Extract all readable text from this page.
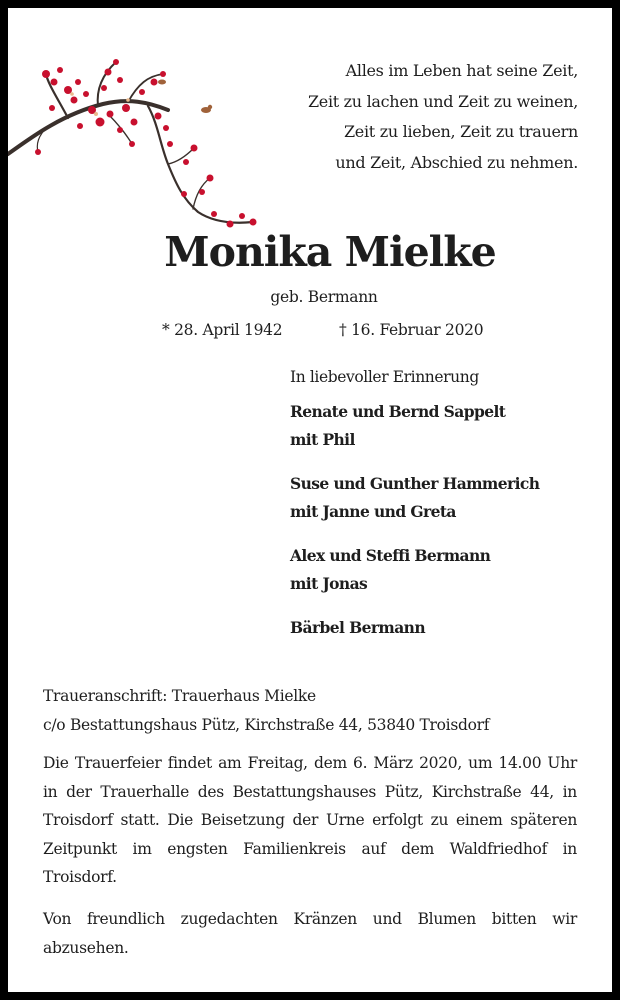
Alles im Leben hat seine Zeit,
Zeit zu lachen und Zeit zu weinen,
Zeit zu lieben, Zeit zu trauern
und Zeit, Abschied zu nehmen.
Monika Mielke
geb. Bermann
* 28. April 1942	† 16. Februar 2020
In liebevoller Erinnerung
Renate und Bernd Sappelt
mit Phil
Suse und Gunther Hammerich
mit Janne und Greta
Alex und Steffi Bermann
mit Jonas
Bärbel Bermann
Traueranschrift: Trauerhaus Mielke
c/o Bestattungshaus Pütz, Kirchstraße 44, 53840 Troisdorf
Die Trauerfeier findet am Freitag, dem 6. März 2020, um 14.00 Uhr in der Trauerhalle des Bestattungshauses Pütz, Kirchstraße 44, in Troisdorf statt. Die Beisetzung der Urne erfolgt zu einem späteren Zeitpunkt im engsten Familienkreis auf dem Waldfriedhof in Troisdorf.
Von freundlich zugedachten Kränzen und Blumen bitten wir abzusehen.
